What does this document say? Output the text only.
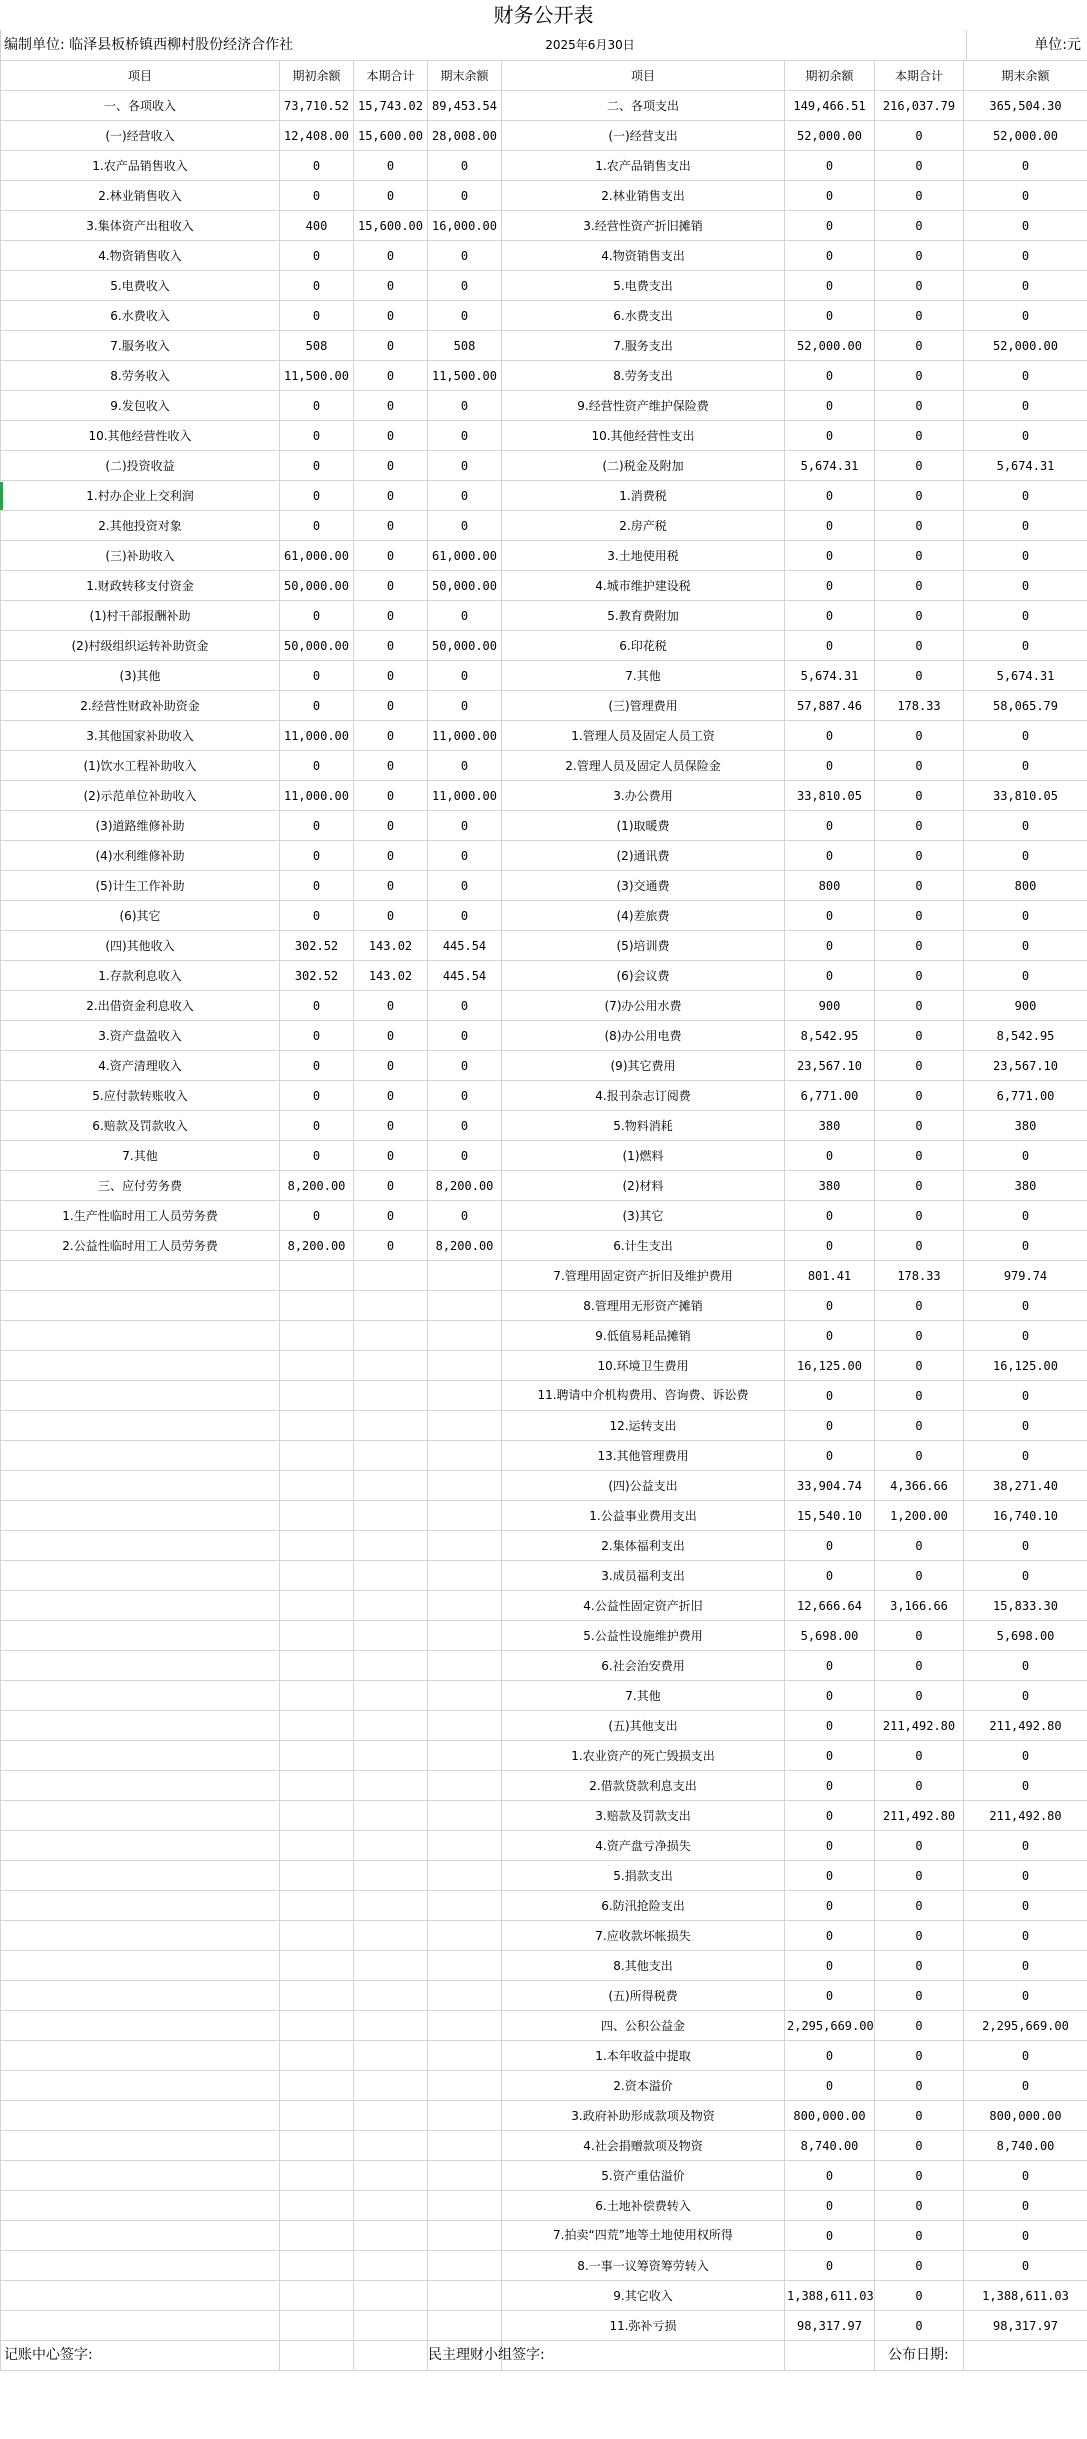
财务公开表
编制单位: 临泽县板桥镇西柳村股份经济合作社	2025年6月30日	单位:元
项目	期初余额	本期合计	期末余额	项目	期初余额	本期合计	期末余额
一、各项收入	73,710.52	15,743.02	89,453.54	二、各项支出	149,466.51	216,037.79	365,504.30
(一)经营收入	12,408.00	15,600.00	28,008.00	(一)经营支出	52,000.00	0	52,000.00
1.农产品销售收入	0	0	0	1.农产品销售支出	0	0	0
2.林业销售收入	0	0	0	2.林业销售支出	0	0	0
3.集体资产出租收入	400	15,600.00	16,000.00	3.经营性资产折旧摊销	0	0	0
4.物资销售收入	0	0	0	4.物资销售支出	0	0	0
5.电费收入	0	0	0	5.电费支出	0	0	0
6.水费收入	0	0	0	6.水费支出	0	0	0
7.服务收入	508	0	508	7.服务支出	52,000.00	0	52,000.00
8.劳务收入	11,500.00	0	11,500.00	8.劳务支出	0	0	0
9.发包收入	0	0	0	9.经营性资产维护保险费	0	0	0
10.其他经营性收入	0	0	0	10.其他经营性支出	0	0	0
(二)投资收益	0	0	0	(二)税金及附加	5,674.31	0	5,674.31
1.村办企业上交利润	0	0	0	1.消费税	0	0	0
2.其他投资对象	0	0	0	2.房产税	0	0	0
(三)补助收入	61,000.00	0	61,000.00	3.土地使用税	0	0	0
1.财政转移支付资金	50,000.00	0	50,000.00	4.城市维护建设税	0	0	0
(1)村干部报酬补助	0	0	0	5.教育费附加	0	0	0
(2)村级组织运转补助资金	50,000.00	0	50,000.00	6.印花税	0	0	0
(3)其他	0	0	0	7.其他	5,674.31	0	5,674.31
2.经营性财政补助资金	0	0	0	(三)管理费用	57,887.46	178.33	58,065.79
3.其他国家补助收入	11,000.00	0	11,000.00	1.管理人员及固定人员工资	0	0	0
(1)饮水工程补助收入	0	0	0	2.管理人员及固定人员保险金	0	0	0
(2)示范单位补助收入	11,000.00	0	11,000.00	3.办公费用	33,810.05	0	33,810.05
(3)道路维修补助	0	0	0	(1)取暖费	0	0	0
(4)水利维修补助	0	0	0	(2)通讯费	0	0	0
(5)计生工作补助	0	0	0	(3)交通费	800	0	800
(6)其它	0	0	0	(4)差旅费	0	0	0
(四)其他收入	302.52	143.02	445.54	(5)培训费	0	0	0
1.存款利息收入	302.52	143.02	445.54	(6)会议费	0	0	0
2.出借资金利息收入	0	0	0	(7)办公用水费	900	0	900
3.资产盘盈收入	0	0	0	(8)办公用电费	8,542.95	0	8,542.95
4.资产清理收入	0	0	0	(9)其它费用	23,567.10	0	23,567.10
5.应付款转账收入	0	0	0	4.报刊杂志订阅费	6,771.00	0	6,771.00
6.赔款及罚款收入	0	0	0	5.物料消耗	380	0	380
7.其他	0	0	0	(1)燃料	0	0	0
三、应付劳务费	8,200.00	0	8,200.00	(2)材料	380	0	380
1.生产性临时用工人员劳务费	0	0	0	(3)其它	0	0	0
2.公益性临时用工人员劳务费	8,200.00	0	8,200.00	6.计生支出	0	0	0
				7.管理用固定资产折旧及维护费用	801.41	178.33	979.74
				8.管理用无形资产摊销	0	0	0
				9.低值易耗品摊销	0	0	0
				10.环境卫生费用	16,125.00	0	16,125.00
				11.聘请中介机构费用、咨询费、诉讼费	0	0	0
				12.运转支出	0	0	0
				13.其他管理费用	0	0	0
				(四)公益支出	33,904.74	4,366.66	38,271.40
				1.公益事业费用支出	15,540.10	1,200.00	16,740.10
				2.集体福利支出	0	0	0
				3.成员福利支出	0	0	0
				4.公益性固定资产折旧	12,666.64	3,166.66	15,833.30
				5.公益性设施维护费用	5,698.00	0	5,698.00
				6.社会治安费用	0	0	0
				7.其他	0	0	0
				(五)其他支出	0	211,492.80	211,492.80
				1.农业资产的死亡毁损支出	0	0	0
				2.借款贷款利息支出	0	0	0
				3.赔款及罚款支出	0	211,492.80	211,492.80
				4.资产盘亏净损失	0	0	0
				5.捐款支出	0	0	0
				6.防汛抢险支出	0	0	0
				7.应收款坏帐损失	0	0	0
				8.其他支出	0	0	0
				(五)所得税费	0	0	0
				四、公积公益金	2,295,669.00	0	2,295,669.00
				1.本年收益中提取	0	0	0
				2.资本溢价	0	0	0
				3.政府补助形成款项及物资	800,000.00	0	800,000.00
				4.社会捐赠款项及物资	8,740.00	0	8,740.00
				5.资产重估溢价	0	0	0
				6.土地补偿费转入	0	0	0
				7.拍卖“四荒”地等土地使用权所得	0	0	0
				8.一事一议筹资筹劳转入	0	0	0
				9.其它收入	1,388,611.03	0	1,388,611.03
				11.弥补亏损	98,317.97	0	98,317.97

记账中心签字:	民主理财小组签字:	公布日期:
